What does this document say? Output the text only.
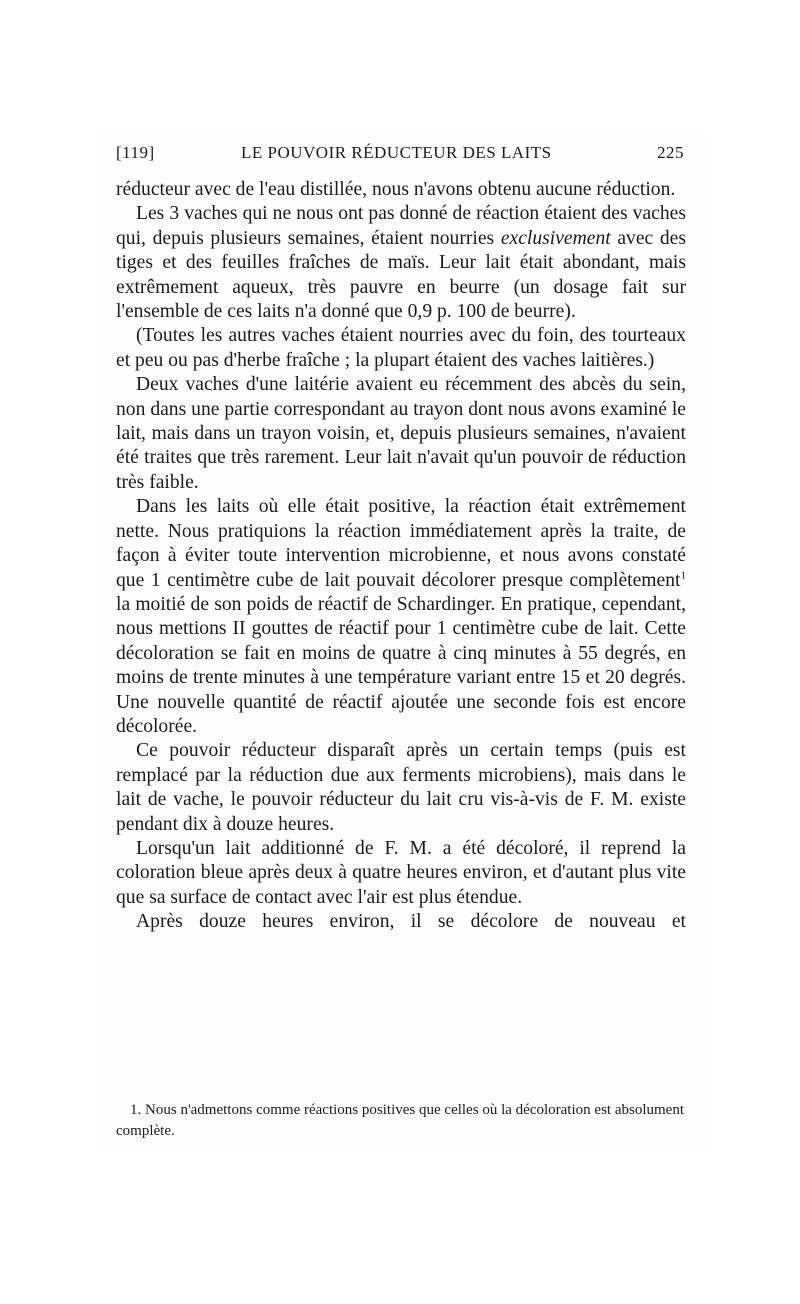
[119]	LE POUVOIR RÉDUCTEUR DES LAITS	225

réducteur avec de l'eau distillée, nous n'avons obtenu aucune réduction.

Les 3 vaches qui ne nous ont pas donné de réaction étaient des vaches qui, depuis plusieurs semaines, étaient nourries exclusivement avec des tiges et des feuilles fraîches de maïs. Leur lait était abondant, mais extrêmement aqueux, très pauvre en beurre (un dosage fait sur l'ensemble de ces laits n'a donné que 0,9 p. 100 de beurre).

(Toutes les autres vaches étaient nourries avec du foin, des tourteaux et peu ou pas d'herbe fraîche ; la plupart étaient des vaches laitières.)

Deux vaches d'une laitérie avaient eu récemment des abcès du sein, non dans une partie correspondant au trayon dont nous avons examiné le lait, mais dans un trayon voisin, et, depuis plusieurs semaines, n'avaient été traites que très rarement. Leur lait n'avait qu'un pouvoir de réduction très faible.

Dans les laits où elle était positive, la réaction était extrêmement nette. Nous pratiquions la réaction immédiatement après la traite, de façon à éviter toute intervention microbienne, et nous avons constaté que 1 centimètre cube de lait pouvait décolorer presque complètement$^1$ la moitié de son poids de réactif de Schardinger. En pratique, cependant, nous mettions II gouttes de réactif pour 1 centimètre cube de lait. Cette décoloration se fait en moins de quatre à cinq minutes à 55 degrés, en moins de trente minutes à une température variant entre 15 et 20 degrés. Une nouvelle quantité de réactif ajoutée une seconde fois est encore décolorée.

Ce pouvoir réducteur disparaît après un certain temps (puis est remplacé par la réduction due aux ferments microbiens), mais dans le lait de vache, le pouvoir réducteur du lait cru vis-à-vis de F. M. existe pendant dix à douze heures.

Lorsqu'un lait additionné de F. M. a été décoloré, il reprend la coloration bleue après deux à quatre heures environ, et d'autant plus vite que sa surface de contact avec l'air est plus étendue.

Après douze heures environ, il se décolore de nouveau et

1. Nous n'admettons comme réactions positives que celles où la décoloration est absolument complète.
